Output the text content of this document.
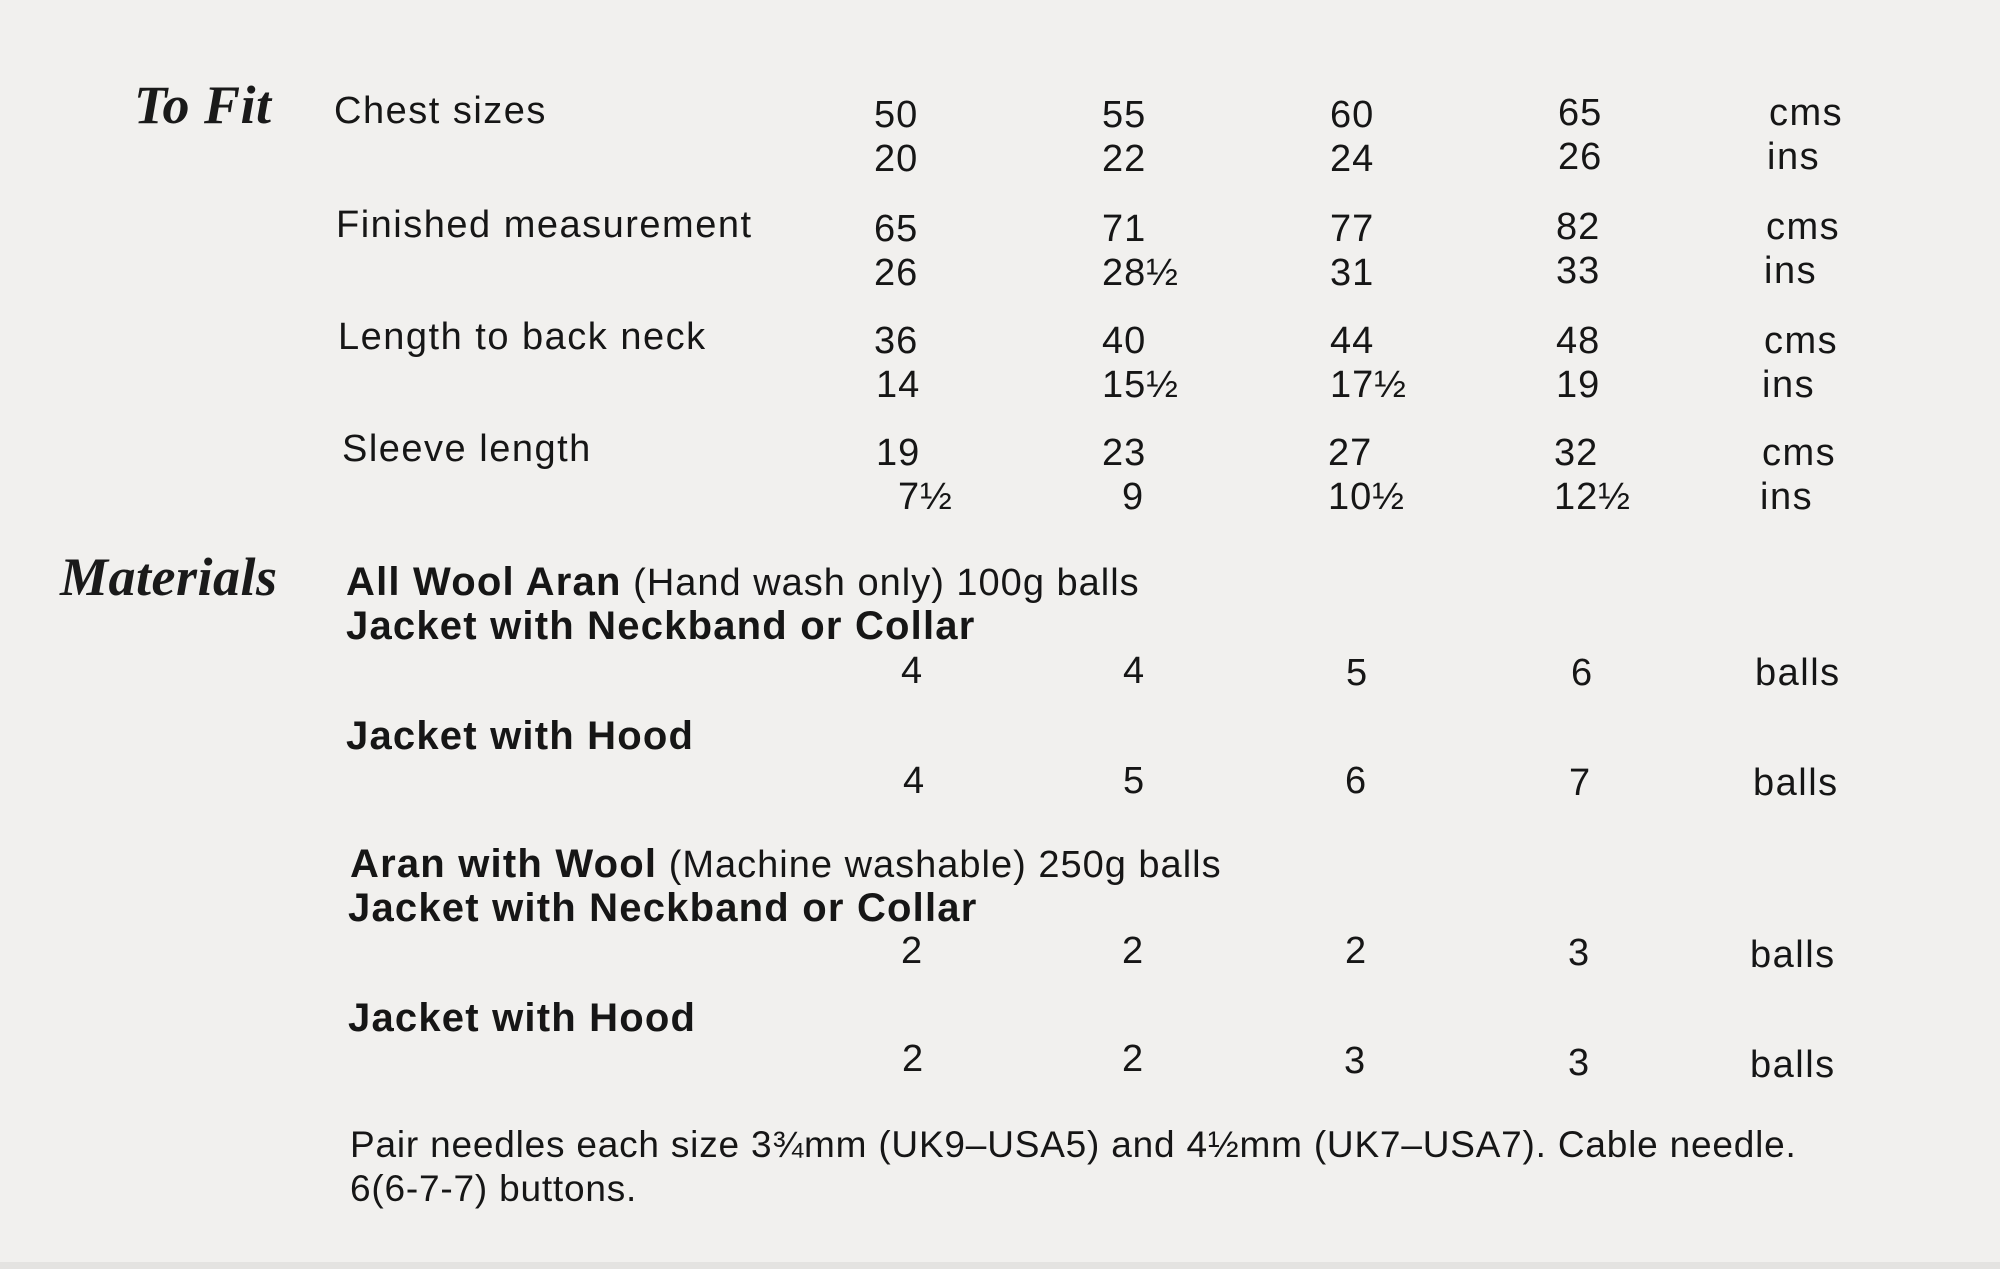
To Fit Chest sizes	50	55	60	65	cms
20	22	24	26	ins
Finished measurement	65	71	77	82	cms
26	28½	31	33	ins
Length to back neck	36	40	44	48	cms
14	15½	17½	19	ins
Sleeve length	19	23	27	32	cms
7½	9	10½	12½	ins
Materials All Wool Aran (Hand wash only) 100g balls
Jacket with Neckband or Collar
4	4	5	6	balls
Jacket with Hood
4	5	6	7	balls
Aran with Wool (Machine washable) 250g balls
Jacket with Neckband or Collar
2	2	2	3	balls
Jacket with Hood
2	2	3	3	balls
Pair needles each size 3¾mm (UK9–USA5) and 4½mm (UK7–USA7). Cable needle.
6(6-7-7) buttons.
